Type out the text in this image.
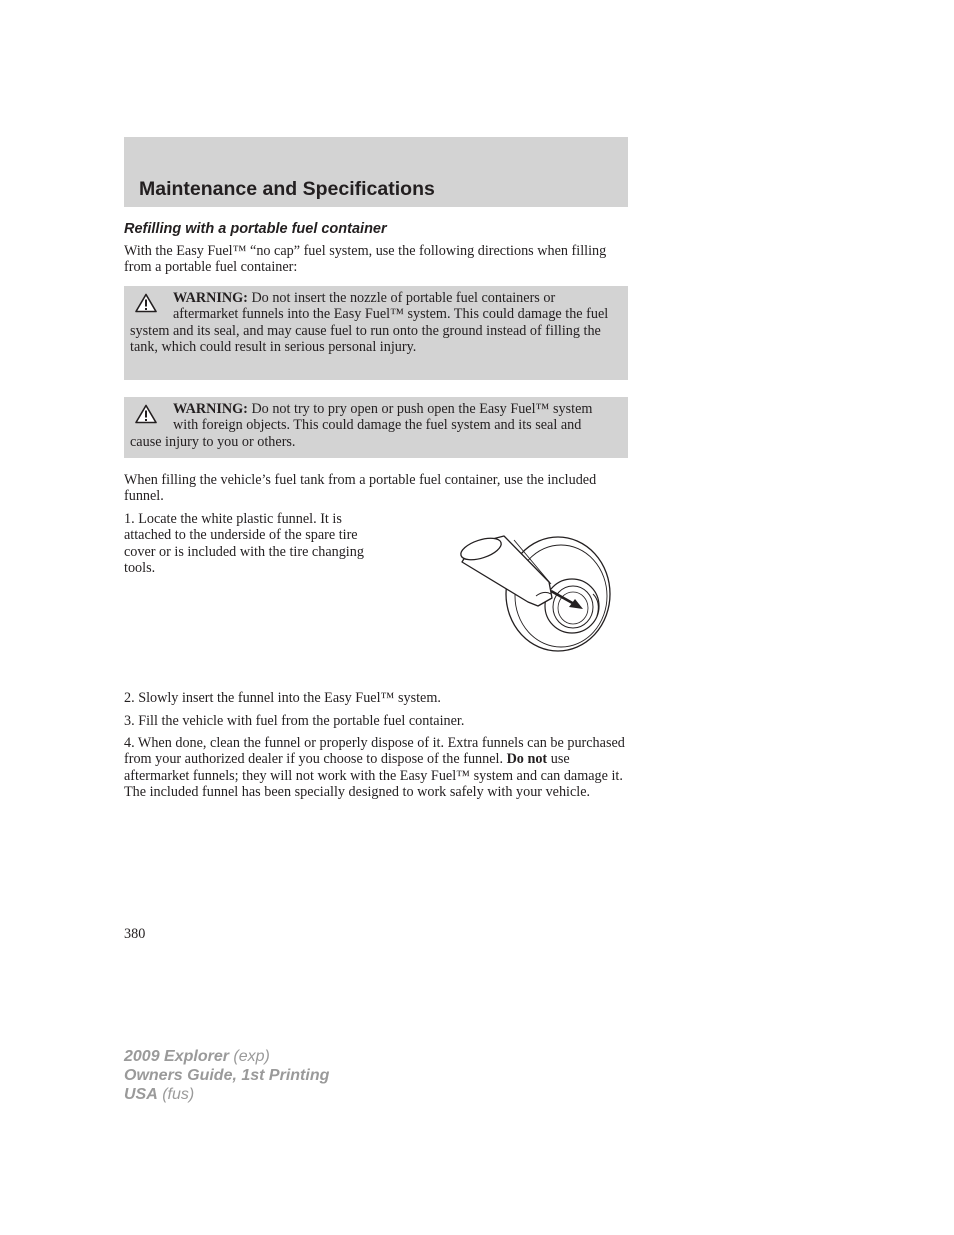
Maintenance and Specifications
Refilling with a portable fuel container

With the Easy Fuel™ “no cap” fuel system, use the following directions when filling from a portable fuel container:

WARNING: Do not insert the nozzle of portable fuel containers or aftermarket funnels into the Easy Fuel™ system. This could damage the fuel system and its seal, and may cause fuel to run onto the ground instead of filling the tank, which could result in serious personal injury.

WARNING: Do not try to pry open or push open the Easy Fuel™ system with foreign objects. This could damage the fuel system and its seal and cause injury to you or others.

When filling the vehicle’s fuel tank from a portable fuel container, use the included funnel.

1. Locate the white plastic funnel. It is attached to the underside of the spare tire cover or is included with the tire changing tools.

2. Slowly insert the funnel into the Easy Fuel™ system.

3. Fill the vehicle with fuel from the portable fuel container.

4. When done, clean the funnel or properly dispose of it. Extra funnels can be purchased from your authorized dealer if you choose to dispose of the funnel. Do not use aftermarket funnels; they will not work with the Easy Fuel™ system and can damage it. The included funnel has been specially designed to work safely with your vehicle.

380

2009 Explorer (exp)
Owners Guide, 1st Printing
USA (fus)
